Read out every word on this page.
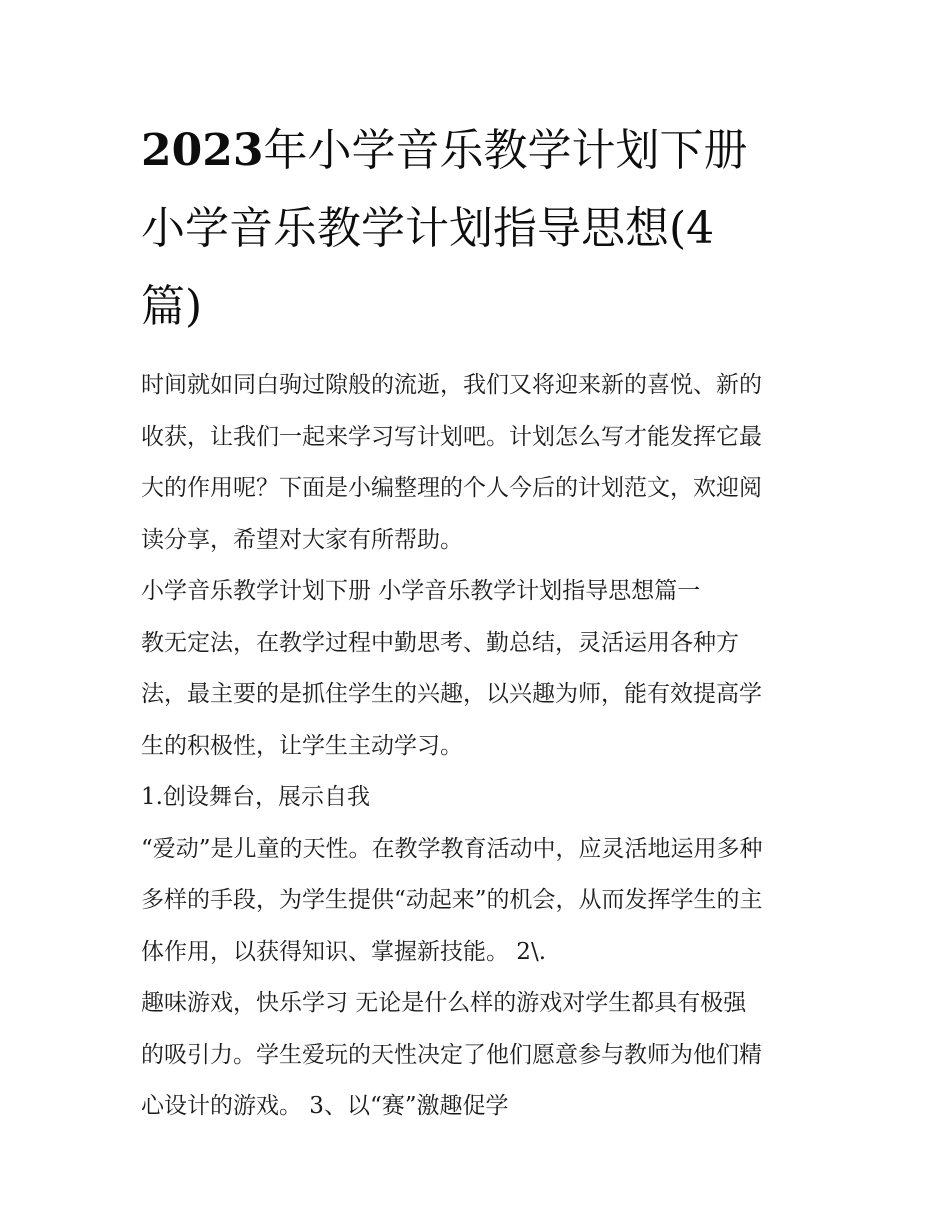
2023年小学音乐教学计划下册
小学音乐教学计划指导思想(4
篇)

时间就如同白驹过隙般的流逝，我们又将迎来新的喜悦、新的

收获，让我们一起来学习写计划吧。计划怎么写才能发挥它最

大的作用呢？下面是小编整理的个人今后的计划范文，欢迎阅

读分享，希望对大家有所帮助。

小学音乐教学计划下册 小学音乐教学计划指导思想篇一

教无定法，在教学过程中勤思考、勤总结，灵活运用各种方

法，最主要的是抓住学生的兴趣，以兴趣为师，能有效提高学

生的积极性，让学生主动学习。

1.创设舞台，展示自我

“爱动”是儿童的天性。在教学教育活动中，应灵活地运用多种

多样的手段，为学生提供“动起来”的机会，从而发挥学生的主

体作用，以获得知识、掌握新技能。 2\.

趣味游戏，快乐学习 无论是什么样的游戏对学生都具有极强

的吸引力。学生爱玩的天性决定了他们愿意参与教师为他们精

心设计的游戏。 3、以“赛”激趣促学
